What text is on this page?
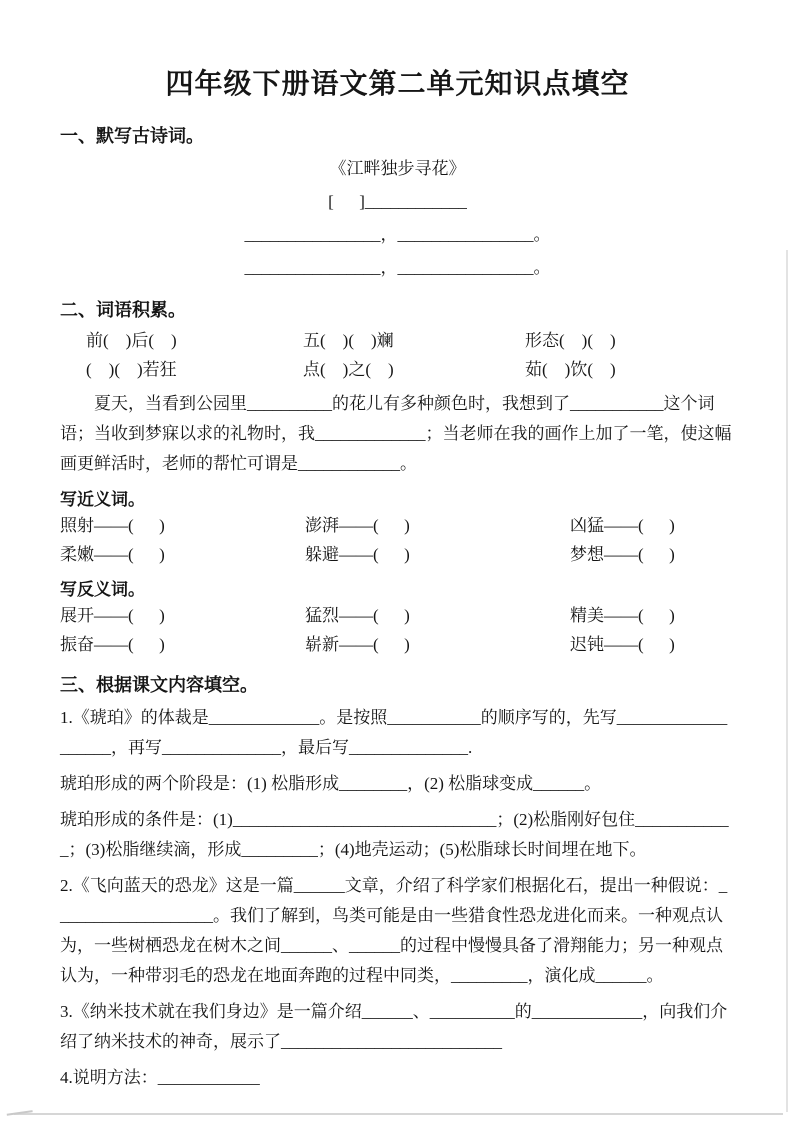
四年级下册语文第二单元知识点填空
一、默写古诗词。
《江畔独步寻花》
[      ]____________
________________，________________。
________________，________________。
二、词语积累。
前(    )后(    )	五(    )(    )斓	形态(    )(    )
(    )(    )若狂	点(    )之(    )	茹(    )饮(    )

夏天，当看到公园里__________的花儿有多种颜色时，我想到了___________这个词语；当收到梦寐以求的礼物时，我_____________；当老师在我的画作上加了一笔，使这幅画更鲜活时，老师的帮忙可谓是____________。

写近义词。
照射——(      )	澎湃——(      )	凶猛——(      )
柔嫩——(      )	躲避——(      )	梦想——(      )
写反义词。
展开——(      )	猛烈——(      )	精美——(      )
振奋——(      )	崭新——(      )	迟钝——(      )
三、根据课文内容填空。

1.《琥珀》的体裁是_____________。是按照___________的顺序写的，先写___________________，再写______________，最后写______________.

琥珀形成的两个阶段是：(1) 松脂形成________，(2) 松脂球变成______。

琥珀形成的条件是：(1)_______________________________；(2)松脂刚好包住____________；(3)松脂继续滴，形成_________；(4)地壳运动；(5)松脂球长时间埋在地下。

2.《飞向蓝天的恐龙》这是一篇______文章，介绍了科学家们根据化石，提出一种假说：___________________。我们了解到，鸟类可能是由一些猎食性恐龙进化而来。一种观点认为，一些树栖恐龙在树木之间______、______的过程中慢慢具备了滑翔能力；另一种观点认为，一种带羽毛的恐龙在地面奔跑的过程中同类，_________，演化成______。

3.《纳米技术就在我们身边》是一篇介绍______、__________的_____________，向我们介绍了纳米技术的神奇，展示了__________________________

4.说明方法：____________
